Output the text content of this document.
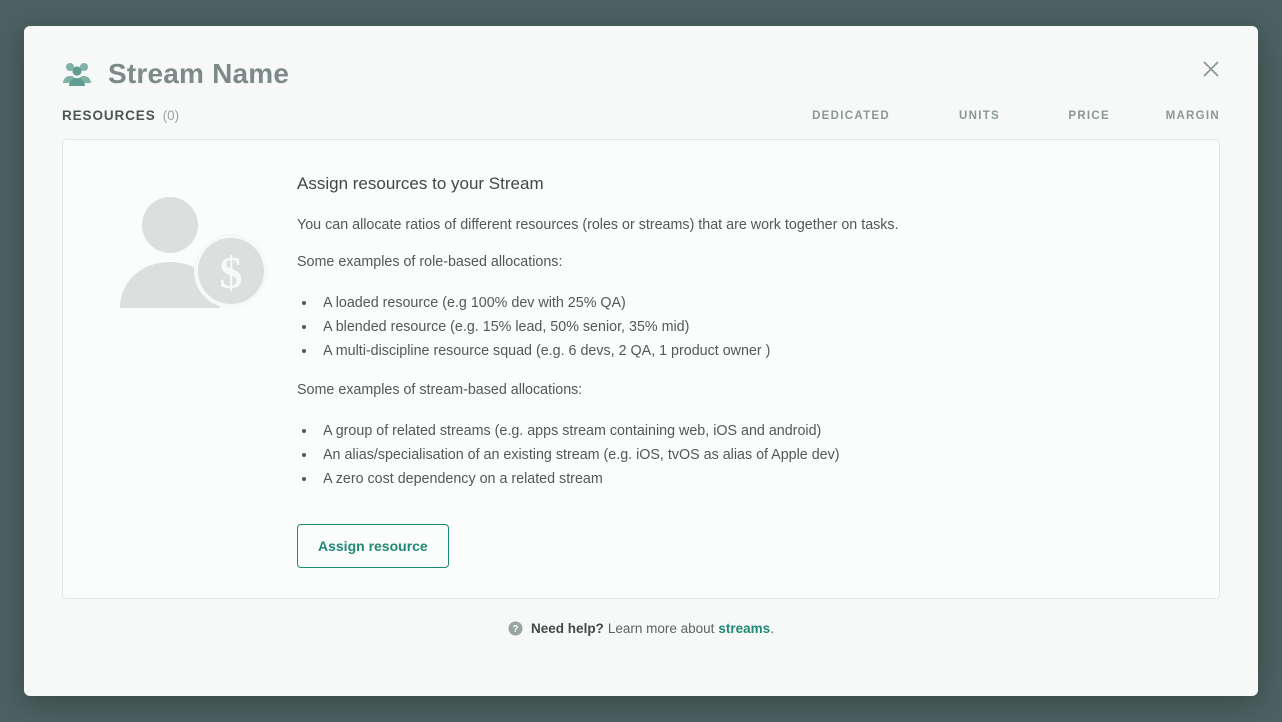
Stream Name
RESOURCES (0)	DEDICATED	UNITS	PRICE	MARGIN
$
Assign resources to your Stream

You can allocate ratios of different resources (roles or streams) that are work together on tasks.

Some examples of role-based allocations:

• A loaded resource (e.g 100% dev with 25% QA)
• A blended resource (e.g. 15% lead, 50% senior, 35% mid)
• A multi-discipline resource squad (e.g. 6 devs, 2 QA, 1 product owner )

Some examples of stream-based allocations:

• A group of related streams (e.g. apps stream containing web, iOS and android)
• An alias/specialisation of an existing stream (e.g. iOS, tvOS as alias of Apple dev)
• A zero cost dependency on a related stream
Assign resource
? Need help? Learn more about streams .
